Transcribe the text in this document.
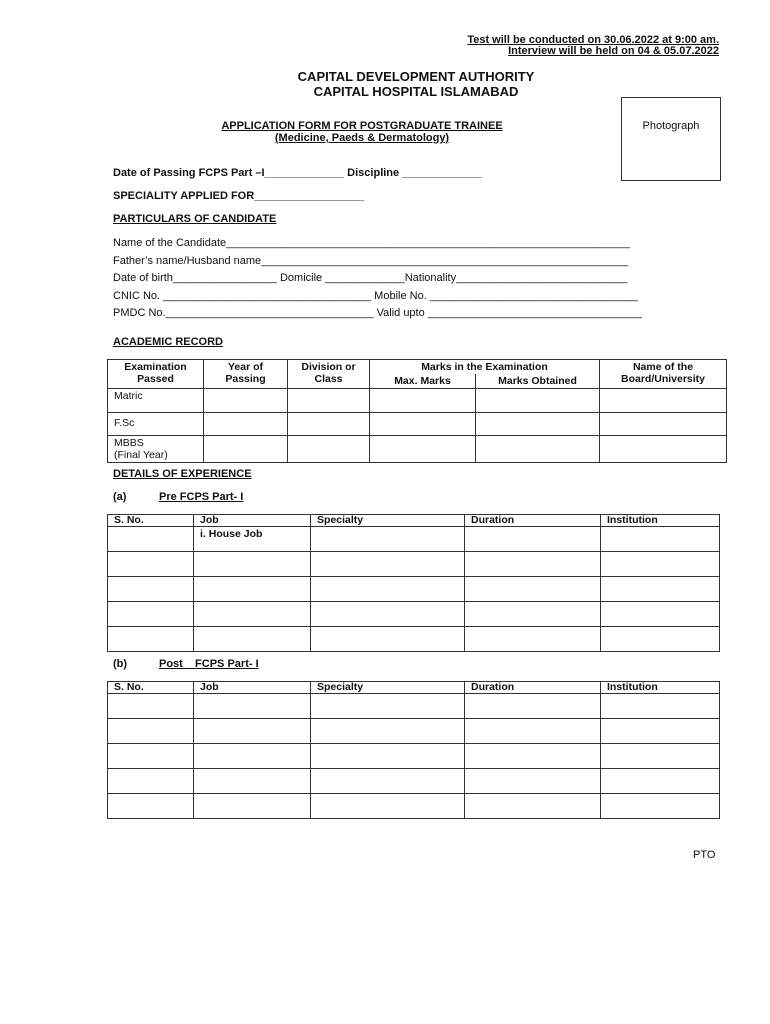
Test will be conducted on 30.06.2022 at 9:00 am.
Interview will be held on 04 & 05.07.2022
CAPITAL DEVELOPMENT AUTHORITY
CAPITAL HOSPITAL ISLAMABAD
APPLICATION FORM FOR POSTGRADUATE TRAINEE
(Medicine, Paeds & Dermatology)
Photograph
Date of Passing FCPS Part –I_____________ Discipline _____________
SPECIALITY APPLIED FOR__________________
PARTICULARS OF CANDIDATE
Name of the Candidate__________________________________________________________________
Father’s name/Husband name____________________________________________________________
Date of birth_________________ Domicile _____________Nationality____________________________
CNIC No. __________________________________ Mobile No. __________________________________
PMDC No.__________________________________ Valid upto ___________________________________
ACADEMIC RECORD
Examination Passed	Year of Passing	Division or Class	Marks in the Examination		Name of the Board/University
			Max. Marks	Marks Obtained	
Matric					
F.Sc					
MBBS
(Final Year)					
DETAILS OF EXPERIENCE
(a)	Pre FCPS Part- I
S. No.	Job	Specialty	Duration	Institution
	i. House Job			

(b)	Post    FCPS Part- I
S. No.	Job	Specialty	Duration	Institution

PTO
